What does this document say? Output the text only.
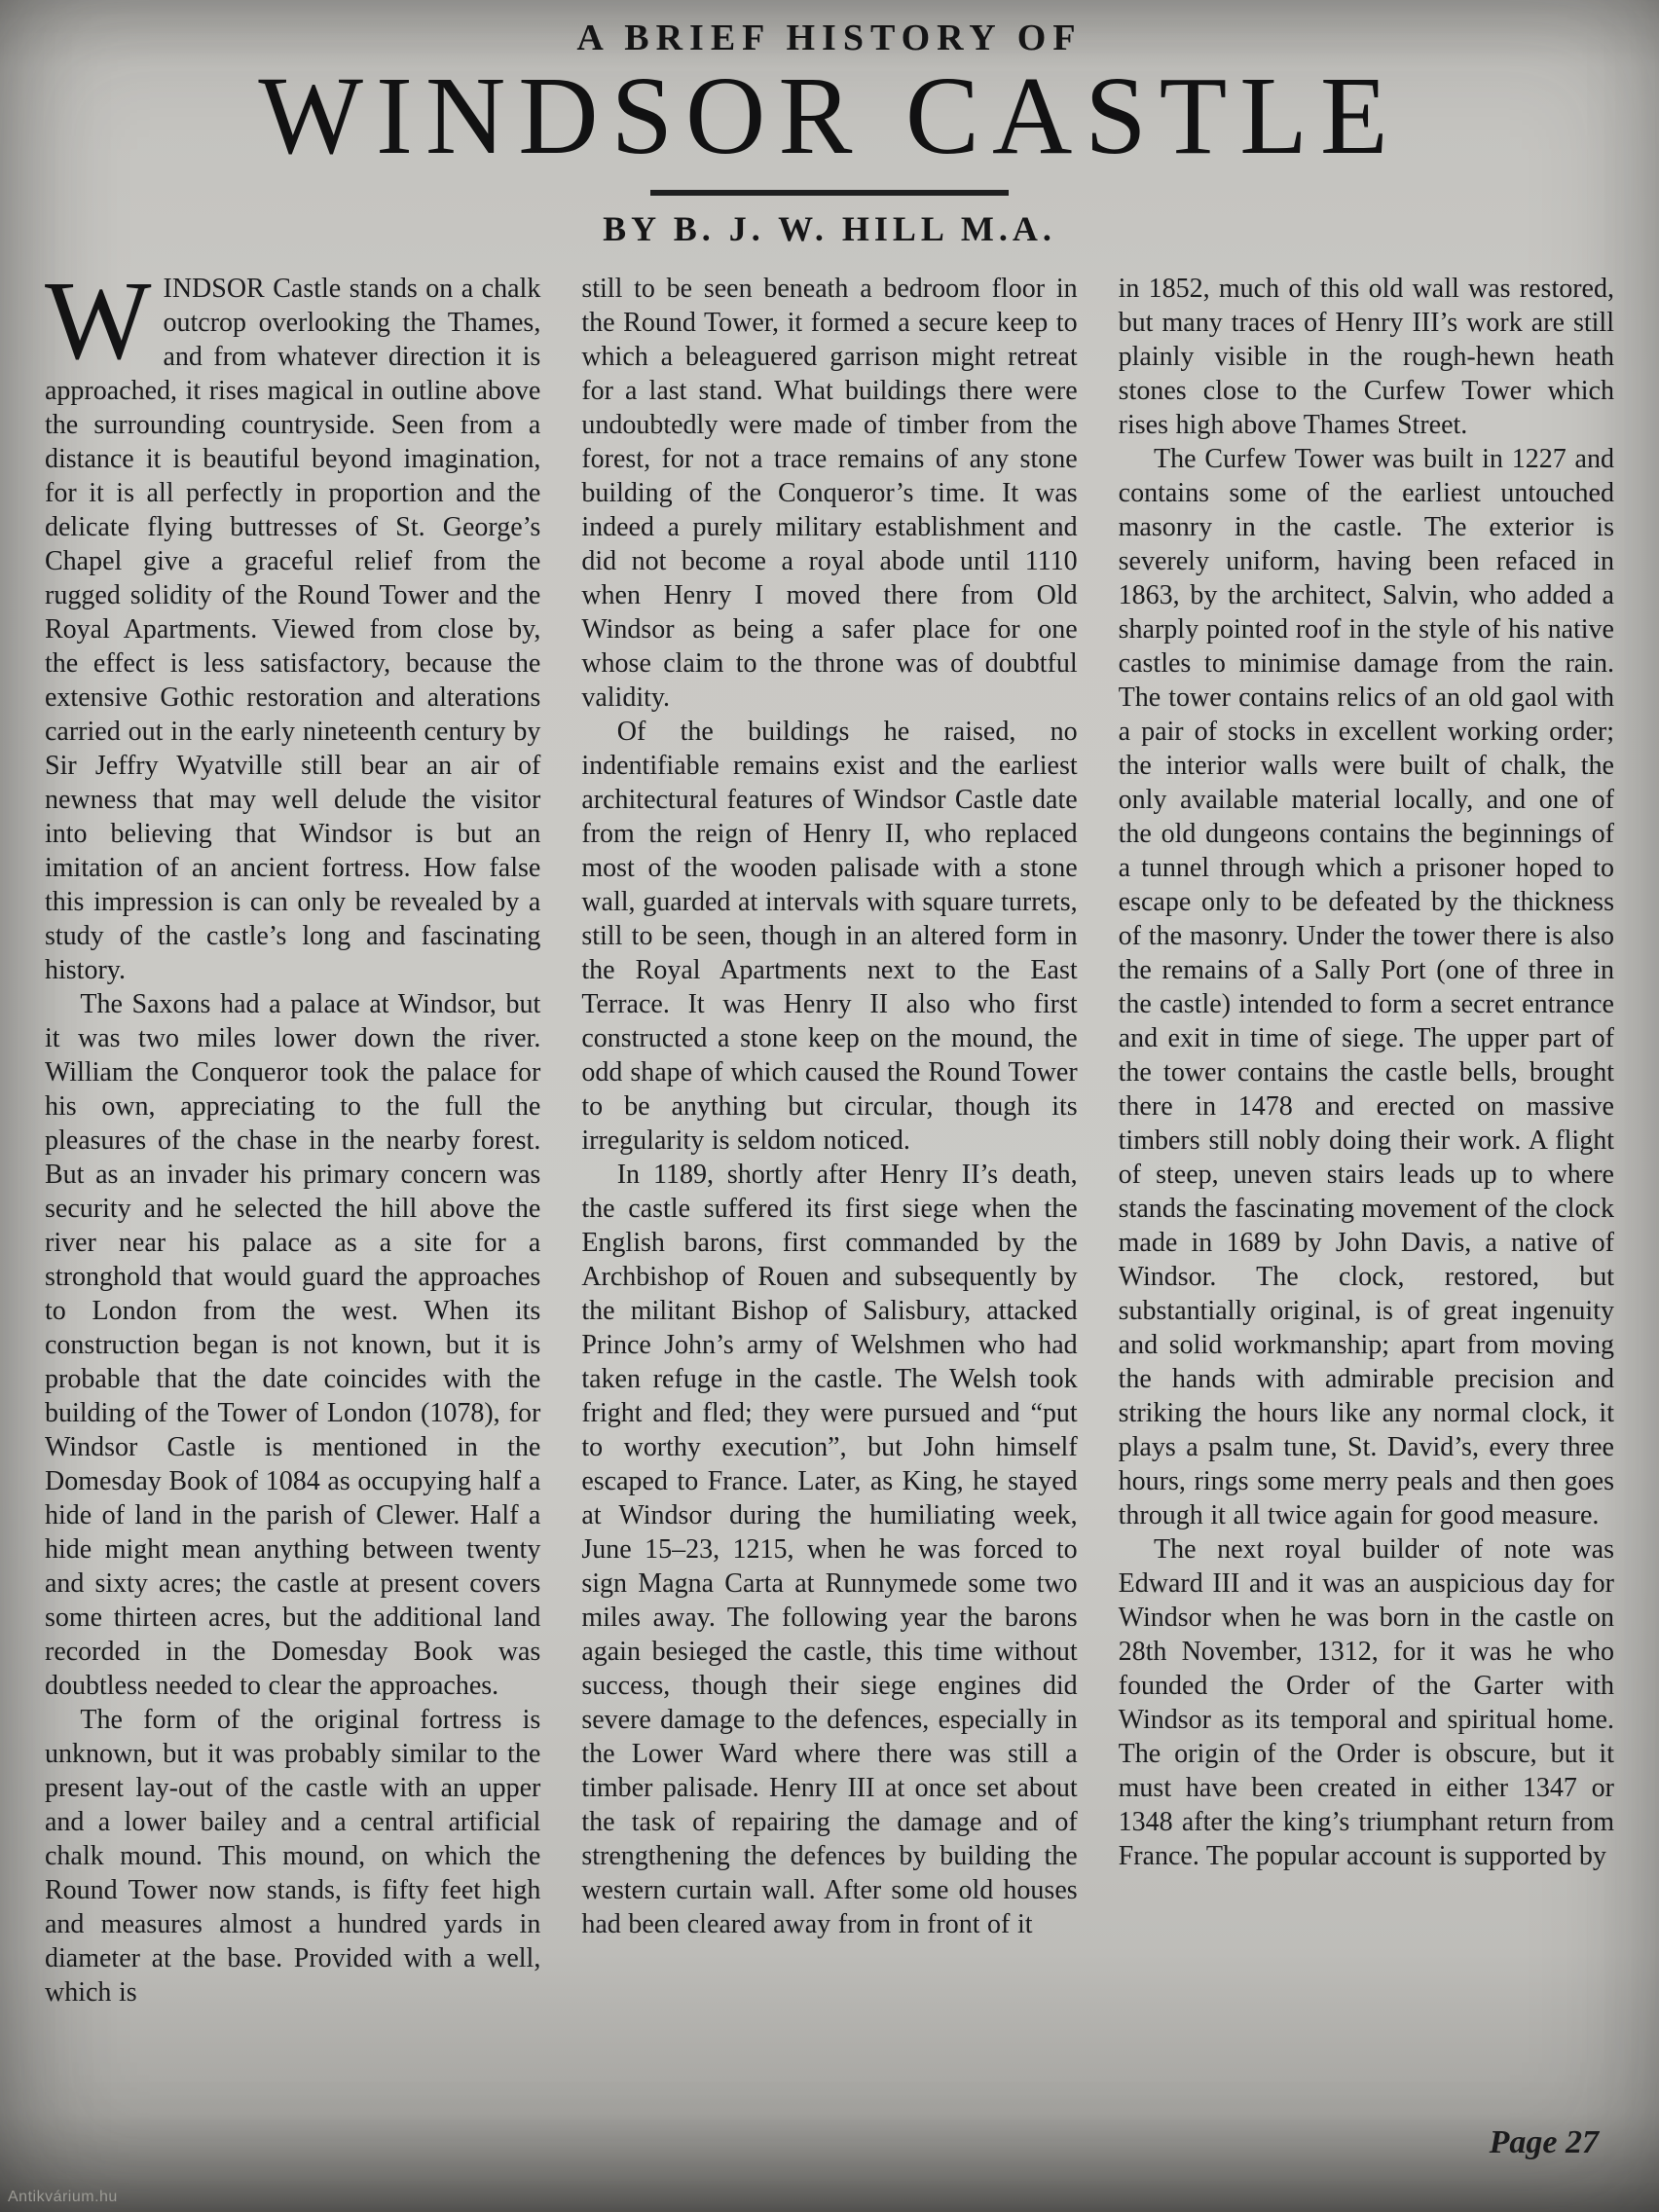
A BRIEF HISTORY OF
WINDSOR CASTLE
BY B. J. W. HILL M.A.

WINDSOR Castle stands on a chalk outcrop overlooking the Thames, and from whatever direction it is approached, it rises magical in outline above the surrounding countryside. Seen from a distance it is beautiful beyond imagination, for it is all perfectly in proportion and the delicate flying buttresses of St. George’s Chapel give a graceful relief from the rugged solidity of the Round Tower and the Royal Apartments. Viewed from close by, the effect is less satisfactory, because the extensive Gothic restoration and alterations carried out in the early nineteenth century by Sir Jeffry Wyatville still bear an air of newness that may well delude the visitor into believing that Windsor is but an imitation of an ancient fortress. How false this impression is can only be revealed by a study of the castle’s long and fascinating history.

The Saxons had a palace at Windsor, but it was two miles lower down the river. William the Conqueror took the palace for his own, appreciating to the full the pleasures of the chase in the nearby forest. But as an invader his primary concern was security and he selected the hill above the river near his palace as a site for a stronghold that would guard the approaches to London from the west. When its construction began is not known, but it is probable that the date coincides with the building of the Tower of London (1078), for Windsor Castle is mentioned in the Domesday Book of 1084 as occupying half a hide of land in the parish of Clewer. Half a hide might mean anything between twenty and sixty acres; the castle at present covers some thirteen acres, but the additional land recorded in the Domesday Book was doubtless needed to clear the approaches.

The form of the original fortress is unknown, but it was probably similar to the present lay-out of the castle with an upper and a lower bailey and a central artificial chalk mound. This mound, on which the Round Tower now stands, is fifty feet high and measures almost a hundred yards in diameter at the base. Provided with a well, which is

still to be seen beneath a bedroom floor in the Round Tower, it formed a secure keep to which a beleaguered garrison might retreat for a last stand. What buildings there were undoubtedly were made of timber from the forest, for not a trace remains of any stone building of the Conqueror’s time. It was indeed a purely military establishment and did not become a royal abode until 1110 when Henry I moved there from Old Windsor as being a safer place for one whose claim to the throne was of doubtful validity.

Of the buildings he raised, no indentifiable remains exist and the earliest architectural features of Windsor Castle date from the reign of Henry II, who replaced most of the wooden palisade with a stone wall, guarded at intervals with square turrets, still to be seen, though in an altered form in the Royal Apartments next to the East Terrace. It was Henry II also who first constructed a stone keep on the mound, the odd shape of which caused the Round Tower to be anything but circular, though its irregularity is seldom noticed.

In 1189, shortly after Henry II’s death, the castle suffered its first siege when the English barons, first commanded by the Archbishop of Rouen and subsequently by the militant Bishop of Salisbury, attacked Prince John’s army of Welshmen who had taken refuge in the castle. The Welsh took fright and fled; they were pursued and “put to worthy execution”, but John himself escaped to France. Later, as King, he stayed at Windsor during the humiliating week, June 15–23, 1215, when he was forced to sign Magna Carta at Runnymede some two miles away. The following year the barons again besieged the castle, this time without success, though their siege engines did severe damage to the defences, especially in the Lower Ward where there was still a timber palisade. Henry III at once set about the task of repairing the damage and of strengthening the defences by building the western curtain wall. After some old houses had been cleared away from in front of it

in 1852, much of this old wall was restored, but many traces of Henry III’s work are still plainly visible in the rough-hewn heath stones close to the Curfew Tower which rises high above Thames Street.

The Curfew Tower was built in 1227 and contains some of the earliest untouched masonry in the castle. The exterior is severely uniform, having been refaced in 1863, by the architect, Salvin, who added a sharply pointed roof in the style of his native castles to minimise damage from the rain. The tower contains relics of an old gaol with a pair of stocks in excellent working order; the interior walls were built of chalk, the only available material locally, and one of the old dungeons contains the beginnings of a tunnel through which a prisoner hoped to escape only to be defeated by the thickness of the masonry. Under the tower there is also the remains of a Sally Port (one of three in the castle) intended to form a secret entrance and exit in time of siege. The upper part of the tower contains the castle bells, brought there in 1478 and erected on massive timbers still nobly doing their work. A flight of steep, uneven stairs leads up to where stands the fascinating movement of the clock made in 1689 by John Davis, a native of Windsor. The clock, restored, but substantially original, is of great ingenuity and solid workmanship; apart from moving the hands with admirable precision and striking the hours like any normal clock, it plays a psalm tune, St. David’s, every three hours, rings some merry peals and then goes through it all twice again for good measure.

The next royal builder of note was Edward III and it was an auspicious day for Windsor when he was born in the castle on 28th November, 1312, for it was he who founded the Order of the Garter with Windsor as its temporal and spiritual home. The origin of the Order is obscure, but it must have been created in either 1347 or 1348 after the king’s triumphant return from France. The popular account is supported by

Page 27
Antikvárium.hu
